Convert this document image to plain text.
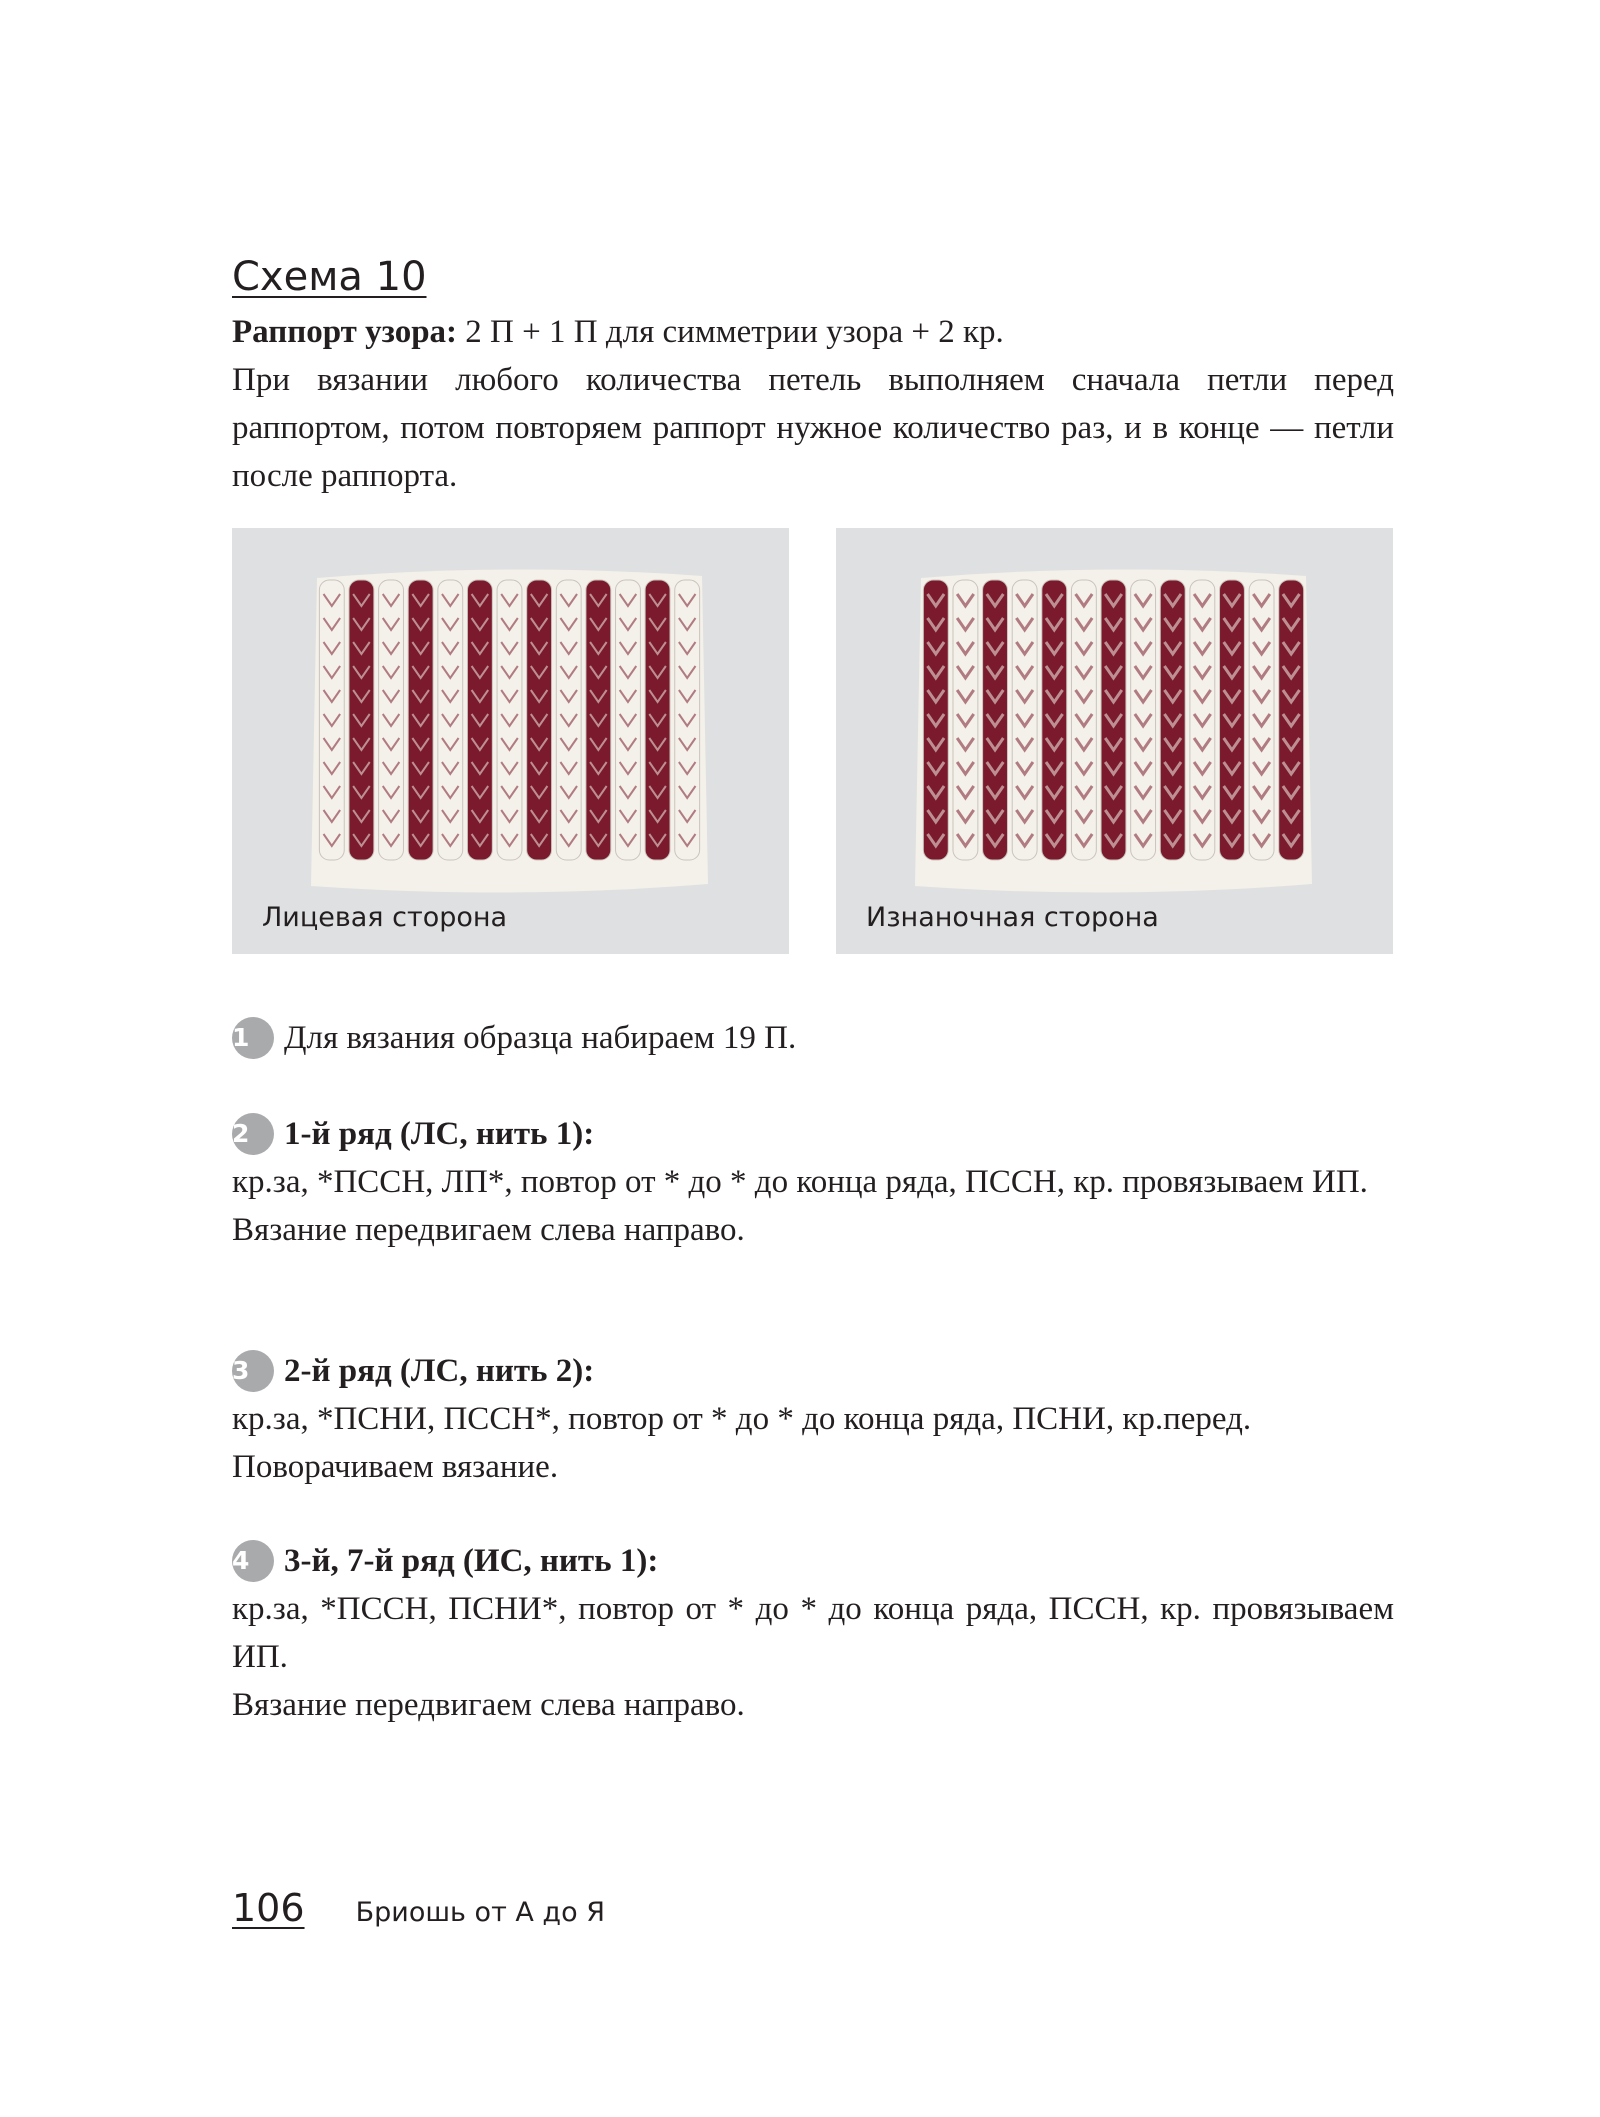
Схема 10

Раппорт узора: 2 П + 1 П для симметрии узора + 2 кр.

При вязании любого количества петель выполняем сначала петли перед раппортом, потом повторяем раппорт нужное количество раз, и в конце — петли после раппорта.

Лицевая сторона	Изнаночная сторона

1 Для вязания образца набираем 19 П.

2 1-й ряд (ЛС, нить 1):

кр.за, *ПССН, ЛП*, повтор от * до * до конца ряда, ПССН, кр. провязываем ИП.

Вязание передвигаем слева направо.

3 2-й ряд (ЛС, нить 2):

кр.за, *ПСНИ, ПССН*, повтор от * до * до конца ряда, ПСНИ, кр.перед.

Поворачиваем вязание.

4 3-й, 7-й ряд (ИС, нить 1):

кр.за, *ПССН, ПСНИ*, повтор от * до * до конца ряда, ПССН, кр. провязываем ИП.

Вязание передвигаем слева направо.

106 Бриошь от А до Я
